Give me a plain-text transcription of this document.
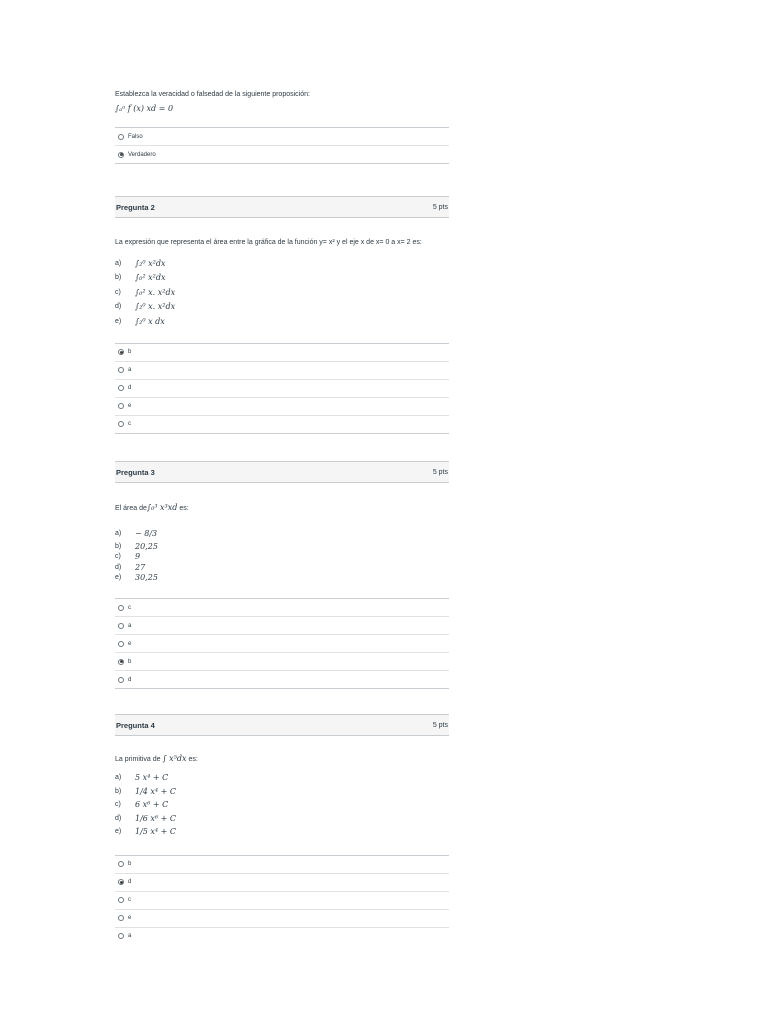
Establezca la veracidad o falsedad de la siguiente proposición:
∫ₐᵃ f (x) xd = 0
Falso
Verdadero
Pregunta 2	5 pts
La expresión que representa el área entre la gráfica de la función y= x² y el eje x de x= 0 a x= 2 es:
a)	∫₂⁰ x²dx
b)	∫₀² x²dx
c)	∫₀² x. x²dx
d)	∫₂⁰ x. x²dx
e)	∫₂⁰ x dx
b
a
d
e
c
Pregunta 3	5 pts
El área de∫₀³ x³xd es:
a)	− 8/3
b)	20,25
c)	9
d)	27
e)	30,25
c
a
e
b
d
Pregunta 4	5 pts
La primitiva de ∫ x⁵dx es:
a)	5 x⁴ + C
b)	1/4 x⁴ + C
c)	6 x⁶ + C
d)	1/6 x⁶ + C
e)	1/5 x⁴ + C
b
d
c
e
a
